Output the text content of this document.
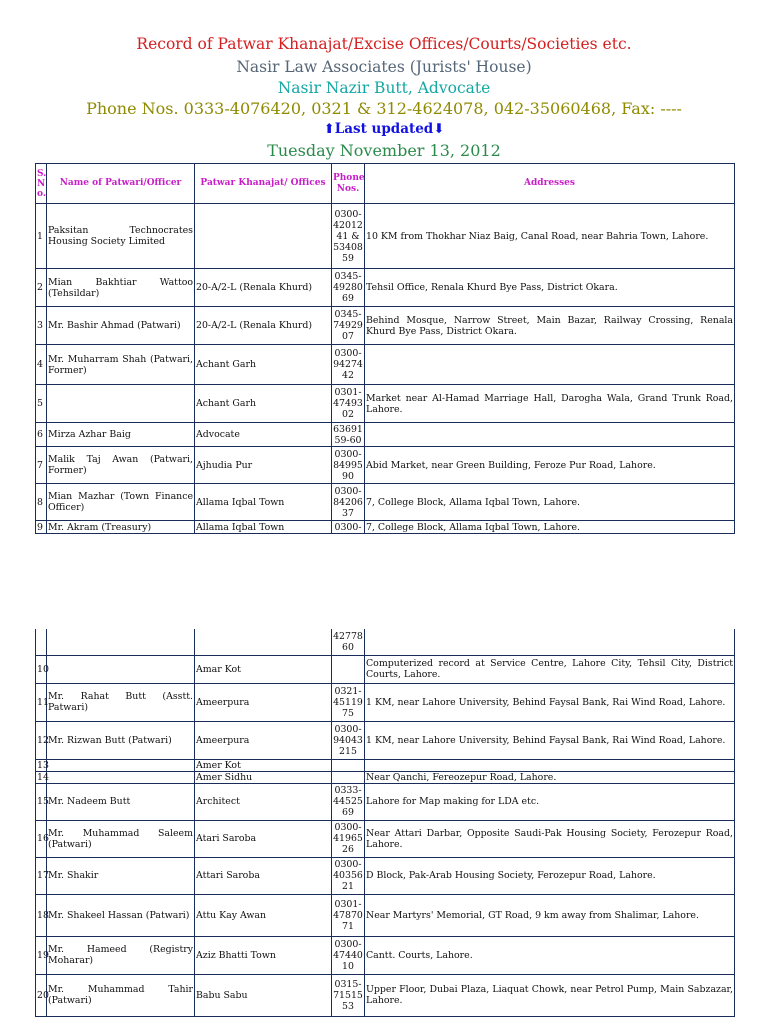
Record of Patwar Khanajat/Excise Offices/Courts/Societies etc.
Nasir Law Associates (Jurists' House)
Nasir Nazir Butt, Advocate
Phone Nos. 0333-4076420, 0321 & 312-4624078, 042-35060468, Fax: ----
⬆Last updated⬇
Tuesday November 13, 2012
S. N o.	Name of Patwari/Officer	Patwar Khanajat/ Offices	Phone Nos.	Addresses
1	Paksitan Technocrates Housing Society Limited		0300-4201241 & 5340859	10 KM from Thokhar Niaz Baig, Canal Road, near Bahria Town, Lahore.
2	Mian Bakhtiar Wattoo (Tehsildar)	20-A/2-L (Renala Khurd)	0345-4928069	Tehsil Office, Renala Khurd Bye Pass, District Okara.
3	Mr. Bashir Ahmad (Patwari)	20-A/2-L (Renala Khurd)	0345-7492907	Behind Mosque, Narrow Street, Main Bazar, Railway Crossing, Renala Khurd Bye Pass, District Okara.
4	Mr. Muharram Shah (Patwari, Former)	Achant Garh	0300-9427442	
5		Achant Garh	0301-4749302	Market near Al-Hamad Marriage Hall, Darogha Wala, Grand Trunk Road, Lahore.
6	Mirza Azhar Baig	Advocate	6369159-60	
7	Malik Taj Awan (Patwari, Former)	Ajhudia Pur	0300-8499590	Abid Market, near Green Building, Feroze Pur Road, Lahore.
8	Mian Mazhar (Town Finance Officer)	Allama Iqbal Town	0300-8420637	7, College Block, Allama Iqbal Town, Lahore.
9	Mr. Akram (Treasury)	Allama Iqbal Town	0300-	7, College Block, Allama Iqbal Town, Lahore.
			4277860	
10		Amar Kot		Computerized record at Service Centre, Lahore City, Tehsil City, District Courts, Lahore.
11	Mr. Rahat Butt (Asstt. Patwari)	Ameerpura	0321-4511975	1 KM, near Lahore University, Behind Faysal Bank, Rai Wind Road, Lahore.
12	Mr. Rizwan Butt (Patwari)	Ameerpura	0300-94043215	1 KM, near Lahore University, Behind Faysal Bank, Rai Wind Road, Lahore.
13		Amer Kot		
14		Amer Sidhu		Near Qanchi, Fereozepur Road, Lahore.
15	Mr. Nadeem Butt	Architect	0333-4452569	Lahore for Map making for LDA etc.
16	Mr. Muhammad Saleem (Patwari)	Atari Saroba	0300-4196526	Near Attari Darbar, Opposite Saudi-Pak Housing Society, Ferozepur Road, Lahore.
17	Mr. Shakir	Attari Saroba	0300-4035621	D Block, Pak-Arab Housing Society, Ferozepur Road, Lahore.
18	Mr. Shakeel Hassan (Patwari)	Attu Kay Awan	0301-4787071	Near Martyrs' Memorial, GT Road, 9 km away from Shalimar, Lahore.
19	Mr. Hameed (Registry Moharar)	Aziz Bhatti Town	0300-4744010	Cantt. Courts, Lahore.
20	Mr. Muhammad Tahir (Patwari)	Babu Sabu	0315-7151553	Upper Floor, Dubai Plaza, Liaquat Chowk, near Petrol Pump, Main Sabzazar, Lahore.
